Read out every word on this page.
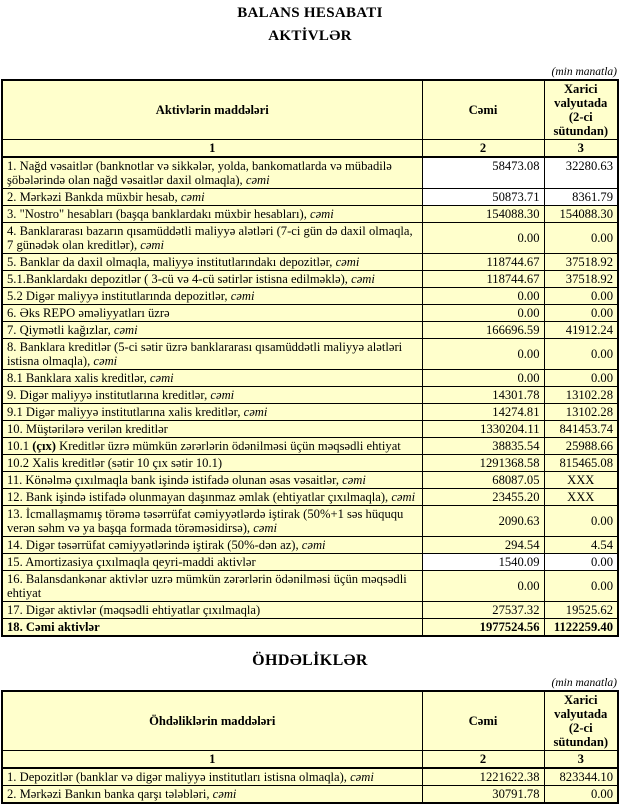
BALANS HESABATI
AKTİVLƏR
(min manatla)
Aktivlərin maddələri	Cəmi	Xarici valyutada (2-ci sütundan)
1	2	3
1. Nağd vəsaitlər (banknotlar və sikkələr, yolda, bankomatlarda və mübadilə şöbələrində olan nağd vəsaitlər daxil olmaqla), cəmi	58473.08	32280.63
2. Mərkəzi Bankda müxbir hesab, cəmi	50873.71	8361.79
3. "Nostro" hesabları (başqa banklardakı müxbir hesabları), cəmi	154088.30	154088.30
4. Banklararası bazarın qısamüddətli maliyyə alətləri (7-ci gün də daxil olmaqla, 7 günədək olan kreditlər), cəmi	0.00	0.00
5. Banklar da daxil olmaqla, maliyyə institutlarındakı depozitlər, cəmi	118744.67	37518.92
5.1.Banklardakı depozitlər ( 3-cü və 4-cü sətirlər istisna edilməklə), cəmi	118744.67	37518.92
5.2 Digər maliyyə institutlarında depozitlər, cəmi	0.00	0.00
6. Əks REPO əməliyyatları üzrə	0.00	0.00
7. Qiymətli kağızlar, cəmi	166696.59	41912.24
8. Banklara kreditlər (5-ci sətir üzrə banklararası qısamüddətli maliyyə alətləri istisna olmaqla), cəmi	0.00	0.00
8.1 Banklara xalis kreditlər, cəmi	0.00	0.00
9. Digər maliyyə institutlarına kreditlər, cəmi	14301.78	13102.28
9.1 Digər maliyyə institutlarına xalis kreditlər, cəmi	14274.81	13102.28
10. Müştərilərə verilən kreditlər	1330204.11	841453.74
10.1 (çıx) Kreditlər üzrə mümkün zərərlərin ödənilməsi üçün məqsədli ehtiyat	38835.54	25988.66
10.2 Xalis kreditlər (sətir 10 çıx sətir 10.1)	1291368.58	815465.08
11. Könəlmə çıxılmaqla bank işində istifadə olunan əsas vəsaitlər, cəmi	68087.05	XXX
12. Bank işində istifadə olunmayan daşınmaz əmlak (ehtiyatlar çıxılmaqla), cəmi	23455.20	XXX
13. İcmallaşmamış törəmə təsərrüfat cəmiyyətlərdə iştirak (50%+1 səs hüququ verən səhm və ya başqa formada törəməsidirsə), cəmi	2090.63	0.00
14. Digər təsərrüfat cəmiyyətlərində iştirak (50%-dən az), cəmi	294.54	4.54
15. Amortizasiya çıxılmaqla qeyri-maddi aktivlər	1540.09	0.00
16. Balansdankənar aktivlər uzrə mümkün zərərlərin ödənilməsi üçün məqsədli ehtiyat	0.00	0.00
17. Digər aktivlər (məqsədli ehtiyatlar çıxılmaqla)	27537.32	19525.62
18. Cəmi aktivlər	1977524.56	1122259.40
ÖHDƏLİKLƏR
(min manatla)
Öhdəliklərin maddələri	Cəmi	Xarici valyutada (2-ci sütundan)
1	2	3
1. Depozitlər (banklar və digər maliyyə institutları istisna olmaqla), cəmi	1221622.38	823344.10
2. Mərkəzi Bankın banka qarşı tələbləri, cəmi	30791.78	0.00
